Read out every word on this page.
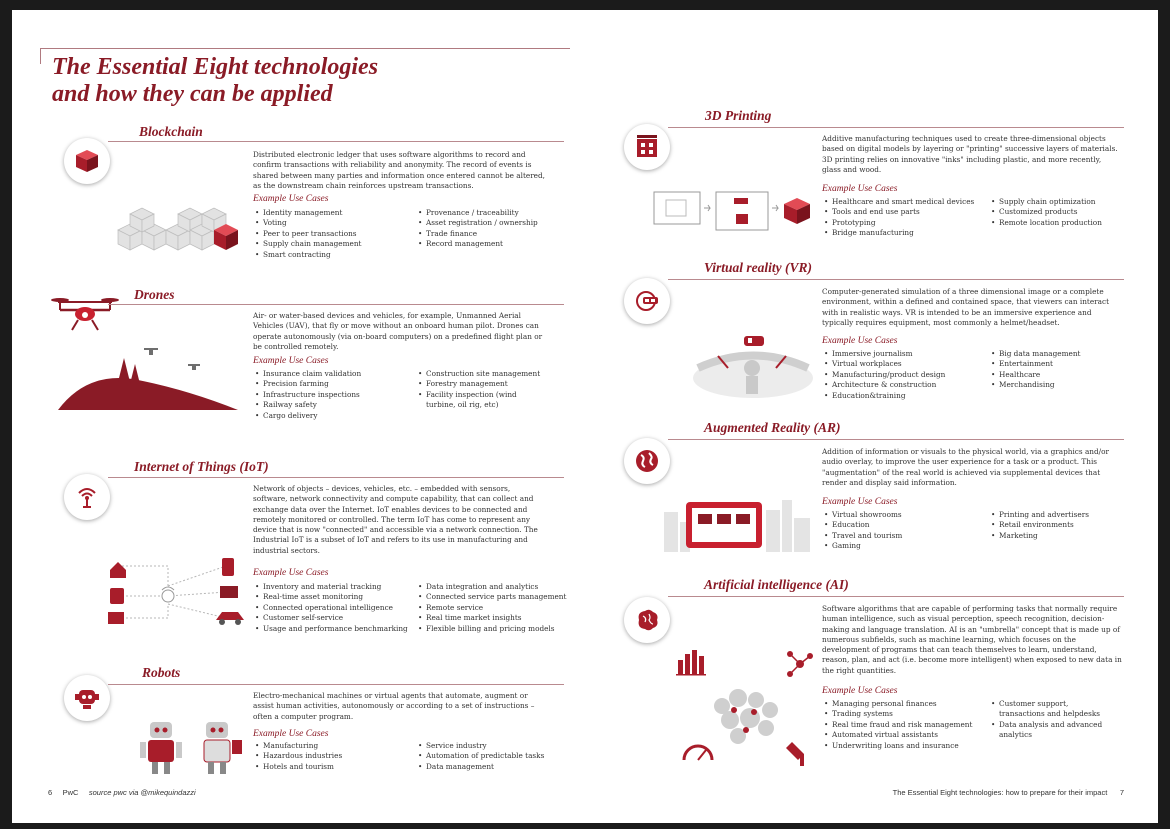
The Essential Eight technologies
and how they can be applied
Blockchain

Distributed electronic ledger that uses software algorithms to record and confirm transactions with reliability and anonymity. The record of events is shared between many parties and information once entered cannot be altered, as the downstream chain reinforces upstream transactions.

Example Use Cases
• Identity management
• Voting
• Peer to peer transactions
• Supply chain management
• Smart contracting
• Provenance / traceability
• Asset registration / ownership
• Trade finance
• Record management
Drones

Air- or water-based devices and vehicles, for example, Unmanned Aerial Vehicles (UAV), that fly or move without an onboard human pilot. Drones can operate autonomously (via on-board computers) on a predefined flight plan or be controlled remotely.

Example Use Cases
• Insurance claim validation
• Precision farming
• Infrastructure inspections
• Railway safety
• Cargo delivery
• Construction site management
• Forestry management
• Facility inspection (wind turbine, oil rig, etc)
Internet of Things (IoT)

Network of objects – devices, vehicles, etc. – embedded with sensors, software, network connectivity and compute capability, that can collect and exchange data over the Internet. IoT enables devices to be connected and remotely monitored or controlled. The term IoT has come to represent any device that is now "connected" and accessible via a network connection. The Industrial IoT is a subset of IoT and refers to its use in manufacturing and industrial sectors.

Example Use Cases
• Inventory and material tracking
• Real-time asset monitoring
• Connected operational intelligence
• Customer self-service
• Usage and performance benchmarking
• Data integration and analytics
• Connected service parts management
• Remote service
• Real time market insights
• Flexible billing and pricing models
Robots

Electro-mechanical machines or virtual agents that automate, augment or assist human activities, autonomously or according to a set of instructions – often a computer program.

Example Use Cases
• Manufacturing
• Hazardous industries
• Hotels and tourism
• Service industry
• Automation of predictable tasks
• Data management
3D Printing

Additive manufacturing techniques used to create three-dimensional objects based on digital models by layering or "printing" successive layers of materials. 3D printing relies on innovative "inks" including plastic, and more recently, glass and wood.

Example Use Cases
• Healthcare and smart medical devices
• Tools and end use parts
• Prototyping
• Bridge manufacturing
• Supply chain optimization
• Customized products
• Remote location production
Virtual reality (VR)

Computer-generated simulation of a three dimensional image or a complete environment, within a defined and contained space, that viewers can interact with in realistic ways. VR is intended to be an immersive experience and typically requires equipment, most commonly a helmet/headset.

Example Use Cases
• Immersive journalism
• Virtual workplaces
• Manufacturing/product design
• Architecture & construction
• Education&training
• Big data management
• Entertainment
• Healthcare
• Merchandising
Augmented Reality (AR)

Addition of information or visuals to the physical world, via a graphics and/or audio overlay, to improve the user experience for a task or a product. This "augmentation" of the real world is achieved via supplemental devices that render and display said information.

Example Use Cases
• Virtual showrooms
• Education
• Travel and tourism
• Gaming
• Printing and advertisers
• Retail environments
• Marketing
Artificial intelligence (AI)

Software algorithms that are capable of performing tasks that normally require human intelligence, such as visual perception, speech recognition, decision-making and language translation. AI is an "umbrella" concept that is made up of numerous subfields, such as machine learning, which focuses on the development of programs that can teach themselves to learn, understand, reason, plan, and act (i.e. become more intelligent) when exposed to new data in the right quantities.

Example Use Cases
• Managing personal finances
• Trading systems
• Real time fraud and risk management
• Automated virtual assistants
• Underwriting loans and insurance
• Customer support, transactions and helpdesks
• Data analysis and advanced analytics
6 PwC source pwc via @mikequindazzi	The Essential Eight technologies: how to prepare for their impact 7
